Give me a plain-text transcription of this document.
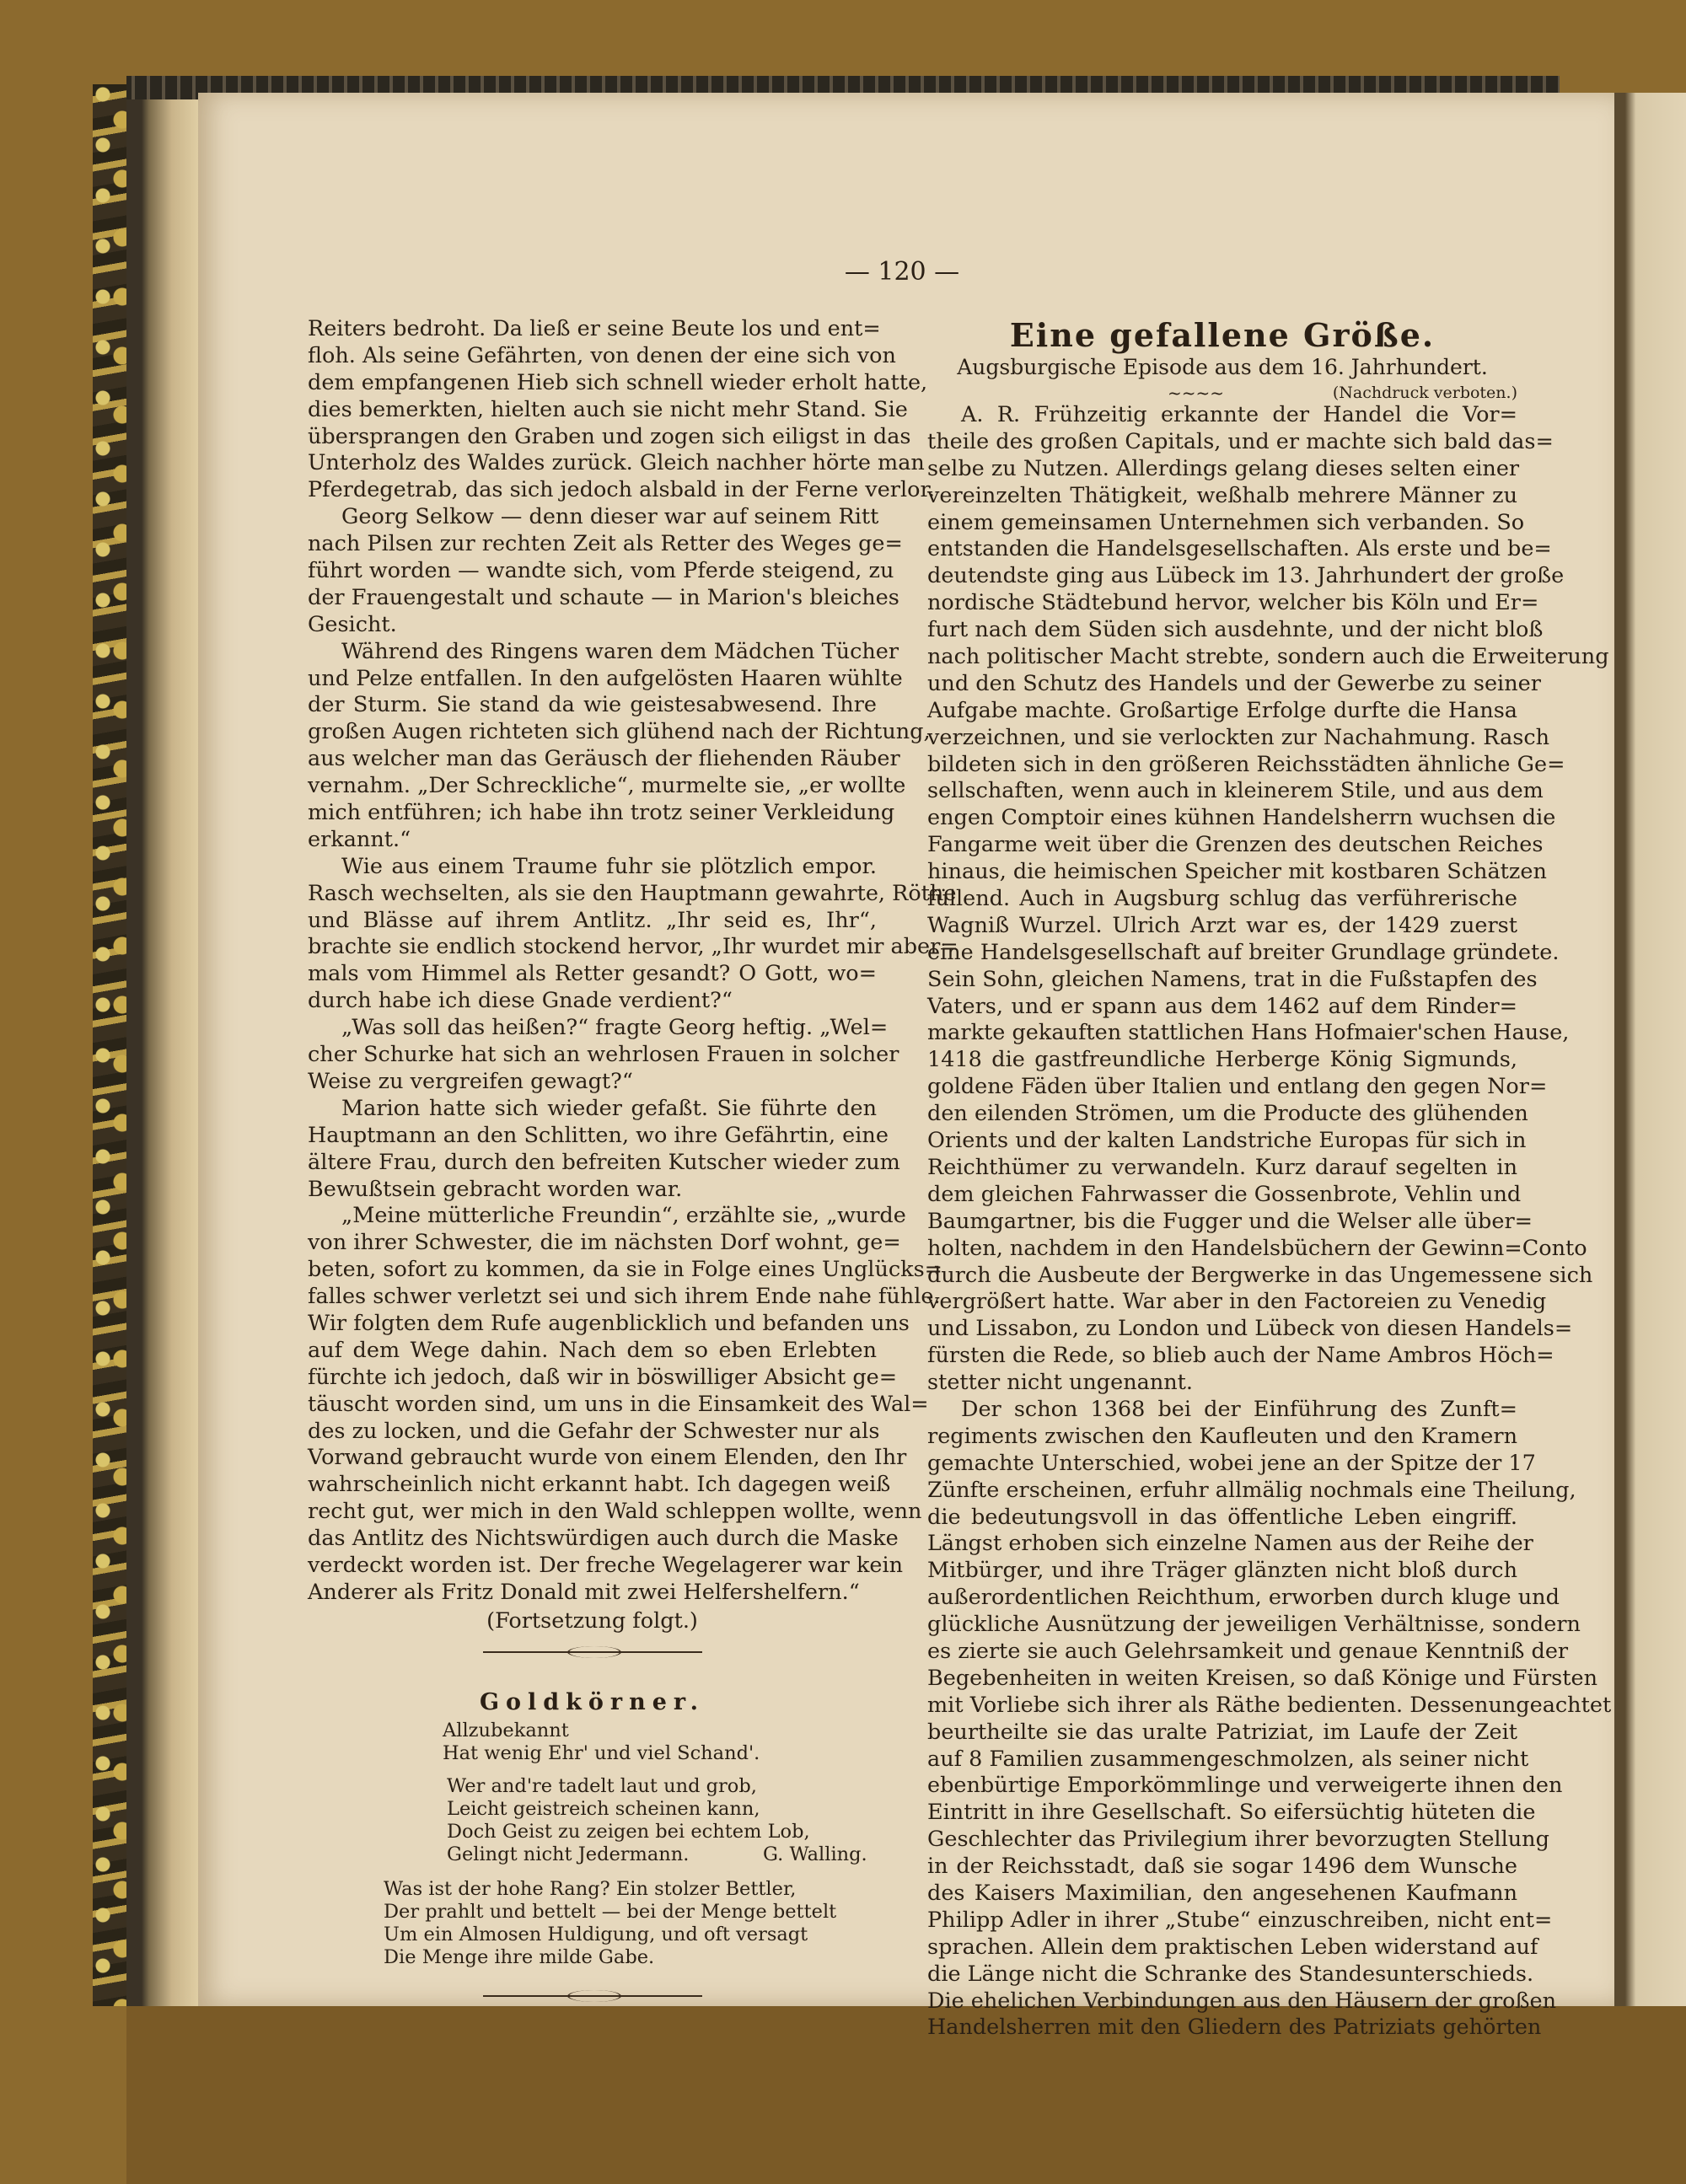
— 120 —
Reiters bedroht. Da ließ er seine Beute los und ent=
floh. Als seine Gefährten, von denen der eine sich von
dem empfangenen Hieb sich schnell wieder erholt hatte,
dies bemerkten, hielten auch sie nicht mehr Stand. Sie
übersprangen den Graben und zogen sich eiligst in das
Unterholz des Waldes zurück. Gleich nachher hörte man
Pferdegetrab, das sich jedoch alsbald in der Ferne verlor.
Georg Selkow — denn dieser war auf seinem Ritt
nach Pilsen zur rechten Zeit als Retter des Weges ge=
führt worden — wandte sich, vom Pferde steigend, zu
der Frauengestalt und schaute — in Marion's bleiches
Gesicht.
Während des Ringens waren dem Mädchen Tücher
und Pelze entfallen. In den aufgelösten Haaren wühlte
der Sturm. Sie stand da wie geistesabwesend. Ihre
großen Augen richteten sich glühend nach der Richtung,
aus welcher man das Geräusch der fliehenden Räuber
vernahm. „Der Schreckliche“, murmelte sie, „er wollte
mich entführen; ich habe ihn trotz seiner Verkleidung
erkannt.“
Wie aus einem Traume fuhr sie plötzlich empor.
Rasch wechselten, als sie den Hauptmann gewahrte, Röthe
und Blässe auf ihrem Antlitz. „Ihr seid es, Ihr“,
brachte sie endlich stockend hervor, „Ihr wurdet mir aber=
mals vom Himmel als Retter gesandt? O Gott, wo=
durch habe ich diese Gnade verdient?“
„Was soll das heißen?“ fragte Georg heftig. „Wel=
cher Schurke hat sich an wehrlosen Frauen in solcher
Weise zu vergreifen gewagt?“
Marion hatte sich wieder gefaßt. Sie führte den
Hauptmann an den Schlitten, wo ihre Gefährtin, eine
ältere Frau, durch den befreiten Kutscher wieder zum
Bewußtsein gebracht worden war.
„Meine mütterliche Freundin“, erzählte sie, „wurde
von ihrer Schwester, die im nächsten Dorf wohnt, ge=
beten, sofort zu kommen, da sie in Folge eines Unglücks=
falles schwer verletzt sei und sich ihrem Ende nahe fühle.
Wir folgten dem Rufe augenblicklich und befanden uns
auf dem Wege dahin. Nach dem so eben Erlebten
fürchte ich jedoch, daß wir in böswilliger Absicht ge=
täuscht worden sind, um uns in die Einsamkeit des Wal=
des zu locken, und die Gefahr der Schwester nur als
Vorwand gebraucht wurde von einem Elenden, den Ihr
wahrscheinlich nicht erkannt habt. Ich dagegen weiß
recht gut, wer mich in den Wald schleppen wollte, wenn
das Antlitz des Nichtswürdigen auch durch die Maske
verdeckt worden ist. Der freche Wegelagerer war kein
Anderer als Fritz Donald mit zwei Helfershelfern.“
(Fortsetzung folgt.)
Goldkörner.
Allzubekannt
Hat wenig Ehr' und viel Schand'.
Wer and're tadelt laut und grob,
Leicht geistreich scheinen kann,
Doch Geist zu zeigen bei echtem Lob,
Gelingt nicht Jedermann.	G. Walling.
Was ist der hohe Rang? Ein stolzer Bettler,
Der prahlt und bettelt — bei der Menge bettelt
Um ein Almosen Huldigung, und oft versagt
Die Menge ihre milde Gabe.
Eine gefallene Größe.
Augsburgische Episode aus dem 16. Jahrhundert.
~~~~	(Nachdruck verboten.)
A. R. Frühzeitig erkannte der Handel die Vor=
theile des großen Capitals, und er machte sich bald das=
selbe zu Nutzen. Allerdings gelang dieses selten einer
vereinzelten Thätigkeit, weßhalb mehrere Männer zu
einem gemeinsamen Unternehmen sich verbanden. So
entstanden die Handelsgesellschaften. Als erste und be=
deutendste ging aus Lübeck im 13. Jahrhundert der große
nordische Städtebund hervor, welcher bis Köln und Er=
furt nach dem Süden sich ausdehnte, und der nicht bloß
nach politischer Macht strebte, sondern auch die Erweiterung
und den Schutz des Handels und der Gewerbe zu seiner
Aufgabe machte. Großartige Erfolge durfte die Hansa
verzeichnen, und sie verlockten zur Nachahmung. Rasch
bildeten sich in den größeren Reichsstädten ähnliche Ge=
sellschaften, wenn auch in kleinerem Stile, und aus dem
engen Comptoir eines kühnen Handelsherrn wuchsen die
Fangarme weit über die Grenzen des deutschen Reiches
hinaus, die heimischen Speicher mit kostbaren Schätzen
füllend. Auch in Augsburg schlug das verführerische
Wagniß Wurzel. Ulrich Arzt war es, der 1429 zuerst
eine Handelsgesellschaft auf breiter Grundlage gründete.
Sein Sohn, gleichen Namens, trat in die Fußstapfen des
Vaters, und er spann aus dem 1462 auf dem Rinder=
markte gekauften stattlichen Hans Hofmaier'schen Hause,
1418 die gastfreundliche Herberge König Sigmunds,
goldene Fäden über Italien und entlang den gegen Nor=
den eilenden Strömen, um die Producte des glühenden
Orients und der kalten Landstriche Europas für sich in
Reichthümer zu verwandeln. Kurz darauf segelten in
dem gleichen Fahrwasser die Gossenbrote, Vehlin und
Baumgartner, bis die Fugger und die Welser alle über=
holten, nachdem in den Handelsbüchern der Gewinn=Conto
durch die Ausbeute der Bergwerke in das Ungemessene sich
vergrößert hatte. War aber in den Factoreien zu Venedig
und Lissabon, zu London und Lübeck von diesen Handels=
fürsten die Rede, so blieb auch der Name Ambros Höch=
stetter nicht ungenannt.
Der schon 1368 bei der Einführung des Zunft=
regiments zwischen den Kaufleuten und den Kramern
gemachte Unterschied, wobei jene an der Spitze der 17
Zünfte erscheinen, erfuhr allmälig nochmals eine Theilung,
die bedeutungsvoll in das öffentliche Leben eingriff.
Längst erhoben sich einzelne Namen aus der Reihe der
Mitbürger, und ihre Träger glänzten nicht bloß durch
außerordentlichen Reichthum, erworben durch kluge und
glückliche Ausnützung der jeweiligen Verhältnisse, sondern
es zierte sie auch Gelehrsamkeit und genaue Kenntniß der
Begebenheiten in weiten Kreisen, so daß Könige und Fürsten
mit Vorliebe sich ihrer als Räthe bedienten. Dessenungeachtet
beurtheilte sie das uralte Patriziat, im Laufe der Zeit
auf 8 Familien zusammengeschmolzen, als seiner nicht
ebenbürtige Emporkömmlinge und verweigerte ihnen den
Eintritt in ihre Gesellschaft. So eifersüchtig hüteten die
Geschlechter das Privilegium ihrer bevorzugten Stellung
in der Reichsstadt, daß sie sogar 1496 dem Wunsche
des Kaisers Maximilian, den angesehenen Kaufmann
Philipp Adler in ihrer „Stube“ einzuschreiben, nicht ent=
sprachen. Allein dem praktischen Leben widerstand auf
die Länge nicht die Schranke des Standesunterschieds.
Die ehelichen Verbindungen aus den Häusern der großen
Handelsherren mit den Gliedern des Patriziats gehörten
